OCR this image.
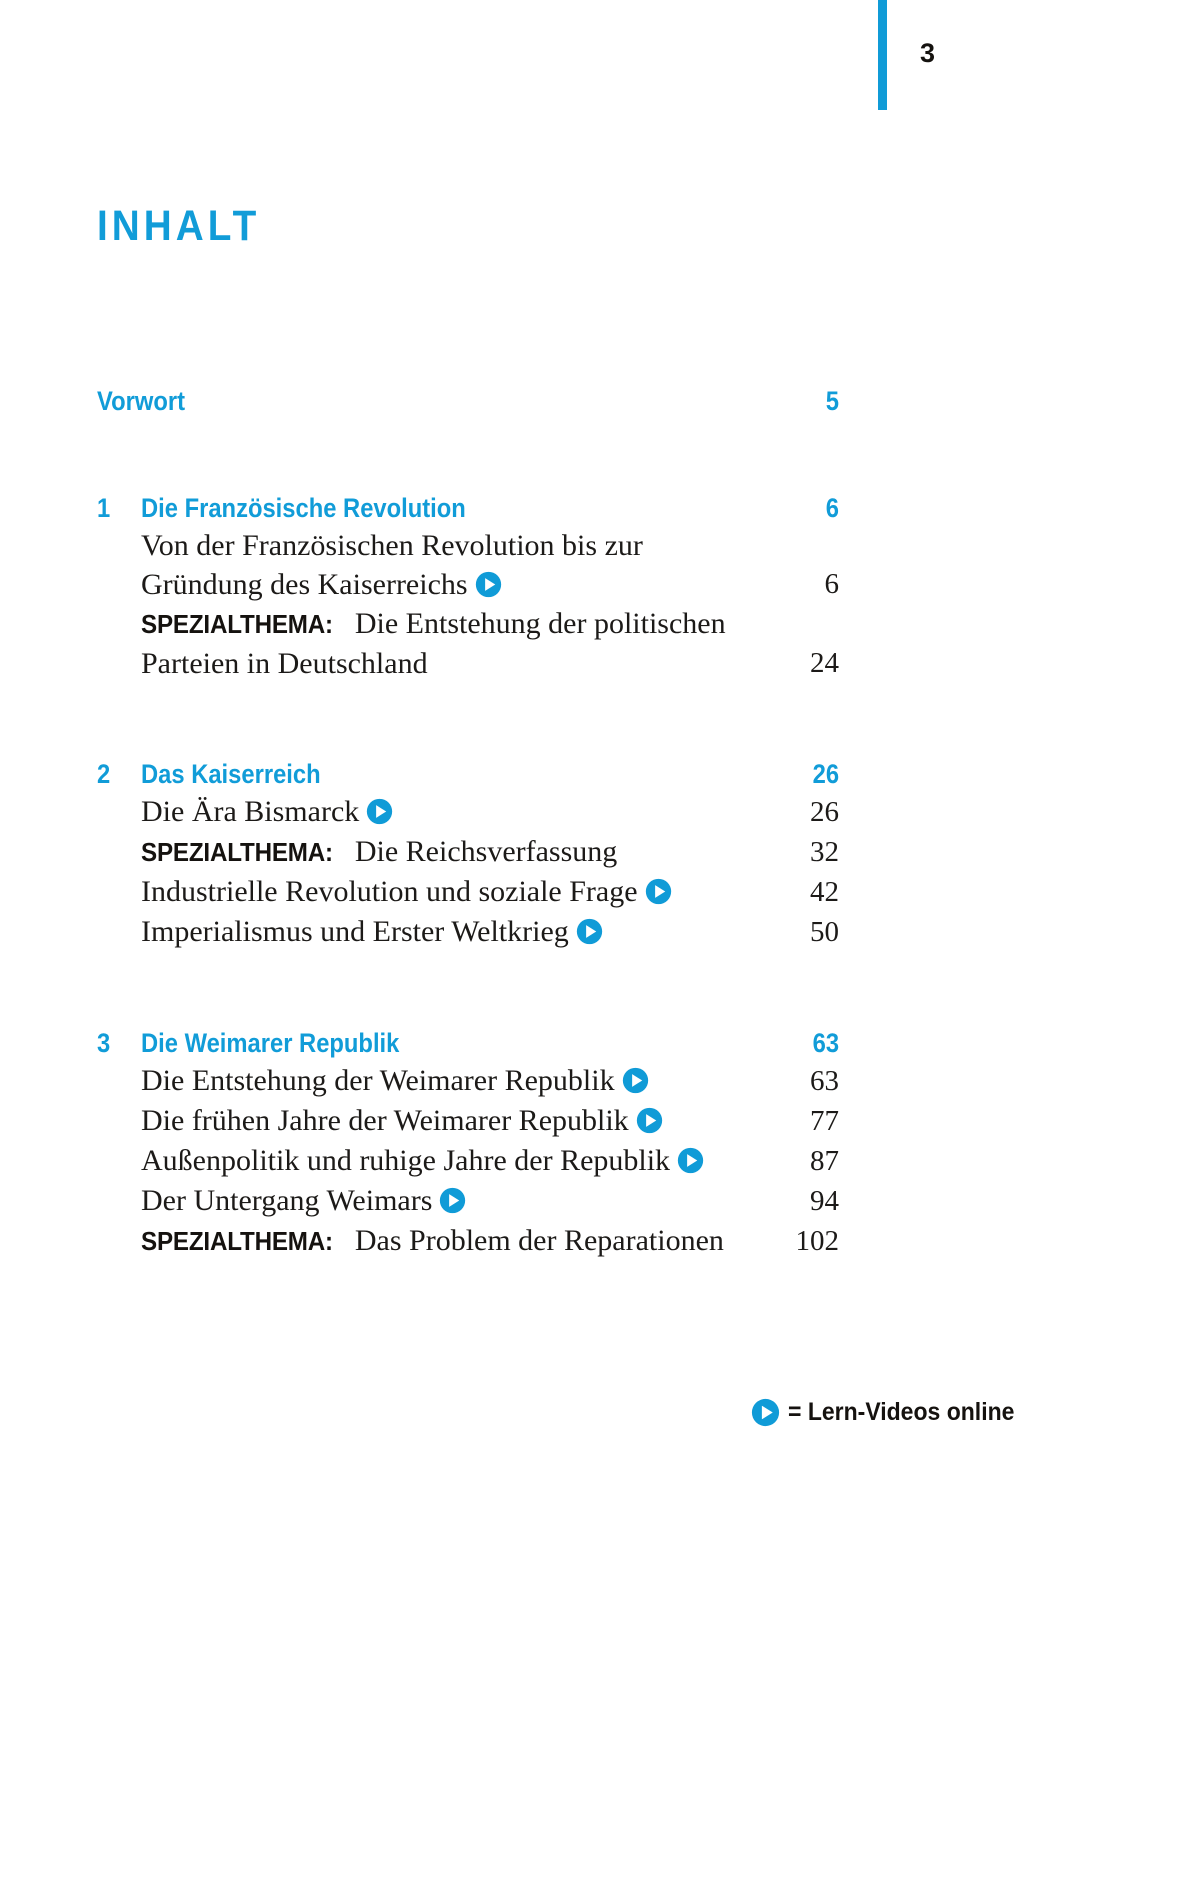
3
INHALT
Vorwort	5
1	Die Französische Revolution	6
Von der Französischen Revolution bis zur
Gründung des Kaiserreichs	6
SPEZIALTHEMA: Die Entstehung der politischen
Parteien in Deutschland	24
2	Das Kaiserreich	26
Die Ära Bismarck	26
SPEZIALTHEMA: Die Reichsverfassung	32
Industrielle Revolution und soziale Frage	42
Imperialismus und Erster Weltkrieg	50
3	Die Weimarer Republik	63
Die Entstehung der Weimarer Republik	63
Die frühen Jahre der Weimarer Republik	77
Außenpolitik und ruhige Jahre der Republik	87
Der Untergang Weimars	94
SPEZIALTHEMA: Das Problem der Reparationen	102
= Lern-Videos online
